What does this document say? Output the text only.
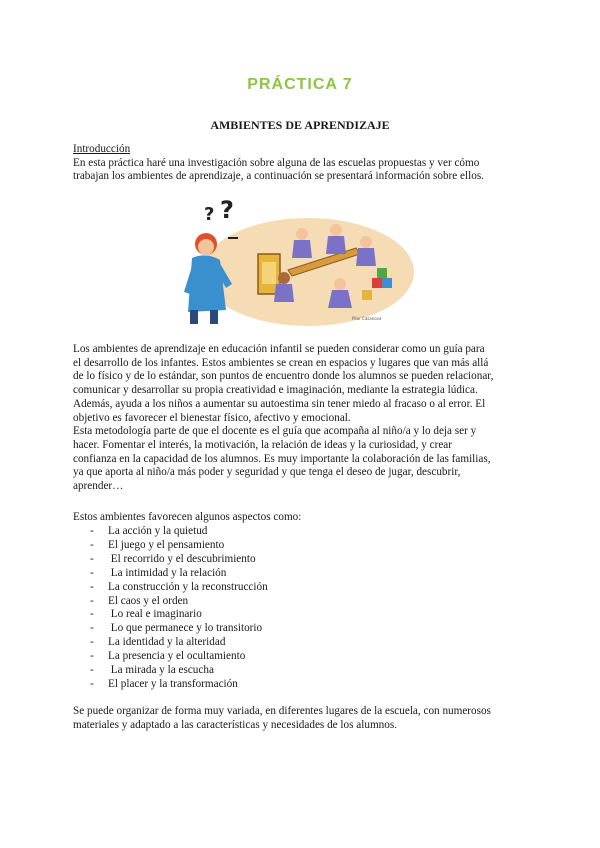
PRÁCTICA 7
AMBIENTES DE APRENDIZAJE
Introducción
En esta práctica haré una investigación sobre alguna de las escuelas propuestas y ver cómo
trabajan los ambientes de aprendizaje, a continuación se presentará información sobre ellos.
? ?
Pilar Casanova
Los ambientes de aprendizaje en educación infantil se pueden considerar como un guía para
el desarrollo de los infantes. Estos ambientes se crean en espacios y lugares que van más allá
de lo físico y de lo estándar, son puntos de encuentro donde los alumnos se pueden relacionar,
comunicar y desarrollar su propia creatividad e imaginación, mediante la estrategia lúdica.
Además, ayuda a los niños a aumentar su autoestima sin tener miedo al fracaso o al error. El
objetivo es favorecer el bienestar físico, afectivo y emocional.
Esta metodología parte de que el docente es el guía que acompaña al niño/a y lo deja ser y
hacer. Fomentar el interés, la motivación, la relación de ideas y la curiosidad, y crear
confianza en la capacidad de los alumnos. Es muy importante la colaboración de las familias,
ya que aporta al niño/a más poder y seguridad y que tenga el deseo de jugar, descubrir,
aprender…
Estos ambientes favorecen algunos aspectos como:
- La acción y la quietud
- El juego y el pensamiento
- El recorrido y el descubrimiento
- La intimidad y la relación
- La construcción y la reconstrucción
- El caos y el orden
- Lo real e imaginario
- Lo que permanece y lo transitorio
- La identidad y la alteridad
- La presencia y el ocultamiento
- La mirada y la escucha
- El placer y la transformación
Se puede organizar de forma muy variada, en diferentes lugares de la escuela, con numerosos
materiales y adaptado a las características y necesidades de los alumnos.
